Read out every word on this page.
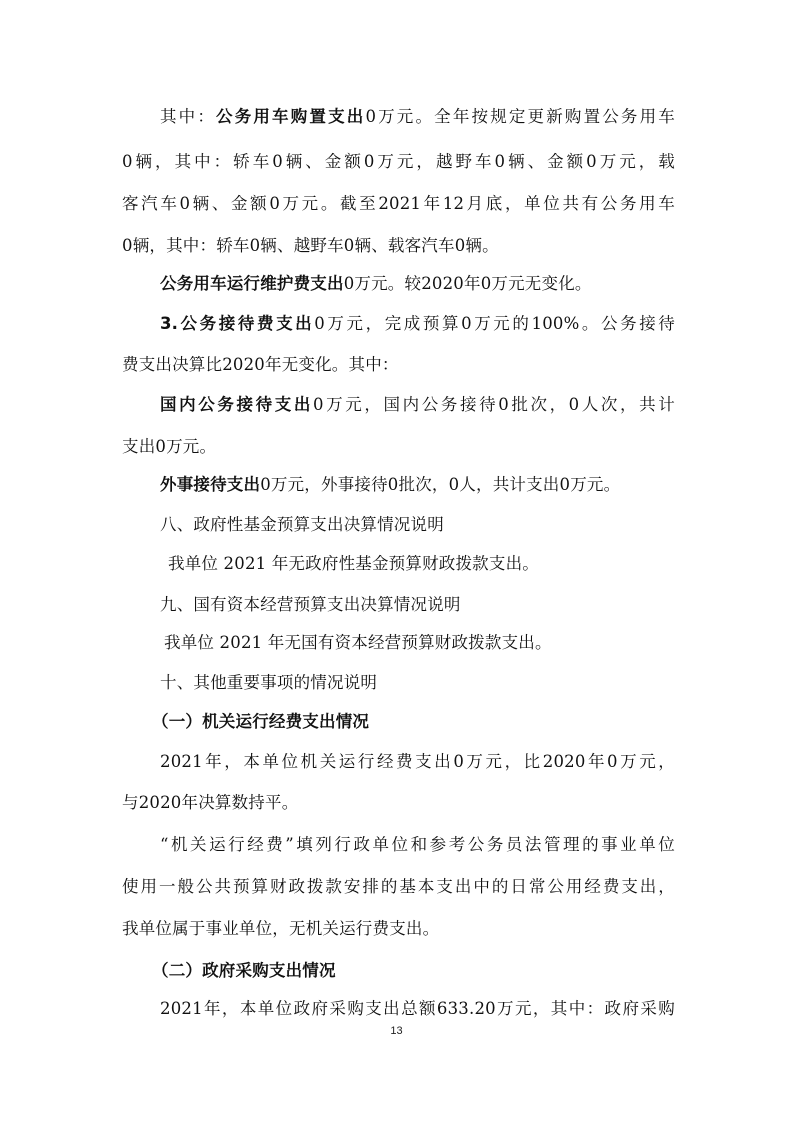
其中：公务用车购置支出0万元。全年按规定更新购置公务用车
0辆，其中：轿车0辆、金额0万元，越野车0辆、金额0万元，载
客汽车0辆、金额0万元。截至2021年12月底，单位共有公务用车
0辆，其中：轿车0辆、越野车0辆、载客汽车0辆。
公务用车运行维护费支出0万元。较2020年0万元无变化。
3.公务接待费支出0万元，完成预算0万元的100%。公务接待
费支出决算比2020年无变化。其中：
国内公务接待支出0万元，国内公务接待0批次，0人次，共计
支出0万元。
外事接待支出0万元，外事接待0批次，0人，共计支出0万元。
八、政府性基金预算支出决算情况说明
我单位 2021 年无政府性基金预算财政拨款支出。
九、国有资本经营预算支出决算情况说明
我单位 2021 年无国有资本经营预算财政拨款支出。
十、其他重要事项的情况说明
（一）机关运行经费支出情况
2021年，本单位机关运行经费支出0万元，比2020年0万元，
与2020年决算数持平。
“机关运行经费”填列行政单位和参考公务员法管理的事业单位
使用一般公共预算财政拨款安排的基本支出中的日常公用经费支出，
我单位属于事业单位，无机关运行费支出。
（二）政府采购支出情况
2021年，本单位政府采购支出总额633.20万元，其中：政府采购
13
